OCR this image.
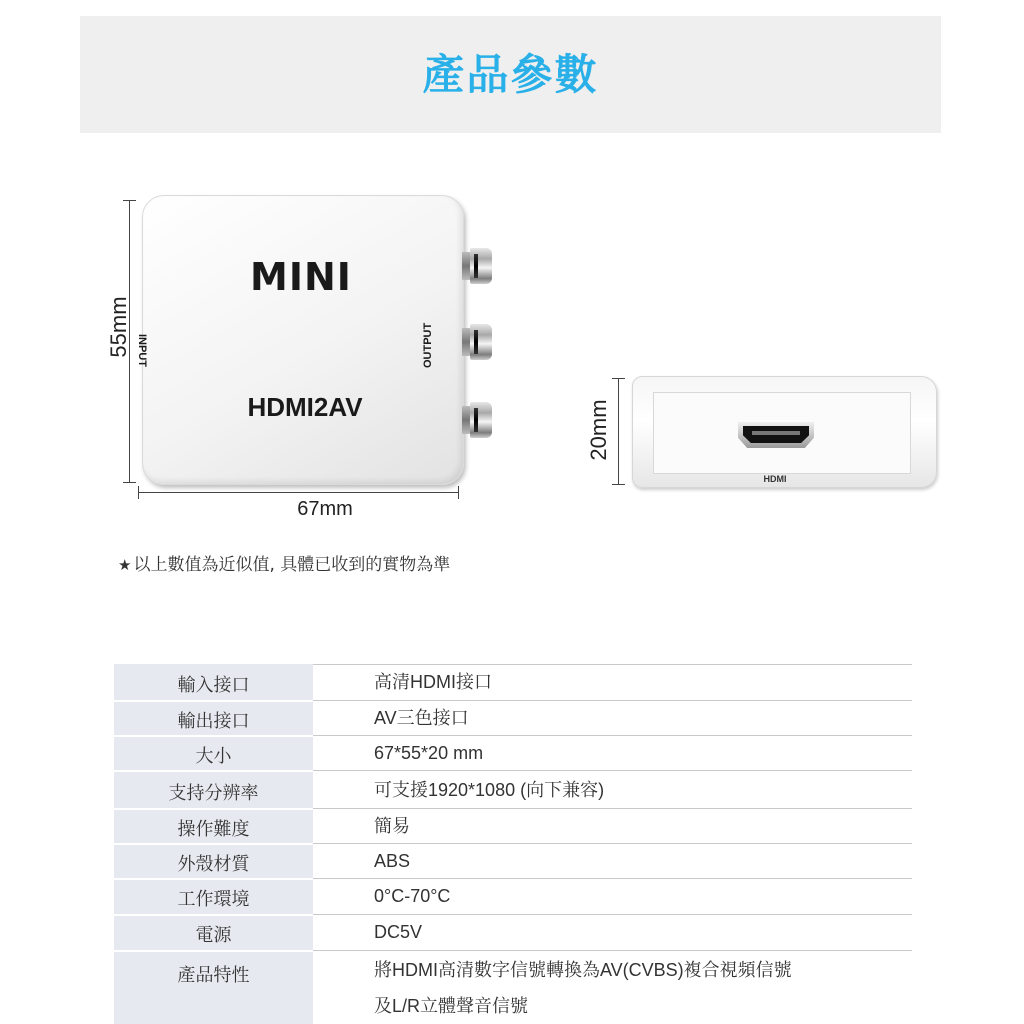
產品參數
55mm
67mm
MINI
HDMI2AV
INPUT	OUTPUT
20mm
HDMI
★ 以上數值為近似值, 具體已收到的實物為準
輸入接口	高清HDMI接口
輸出接口	AV三色接口
大小	67*55*20 mm
支持分辨率	可支援1920*1080 (向下兼容)
操作難度	簡易
外殼材質	ABS
工作環境	0°C-70°C
電源	DC5V
產品特性	將HDMI高清數字信號轉換為AV(CVBS)複合視頻信號
及L/R立體聲音信號
